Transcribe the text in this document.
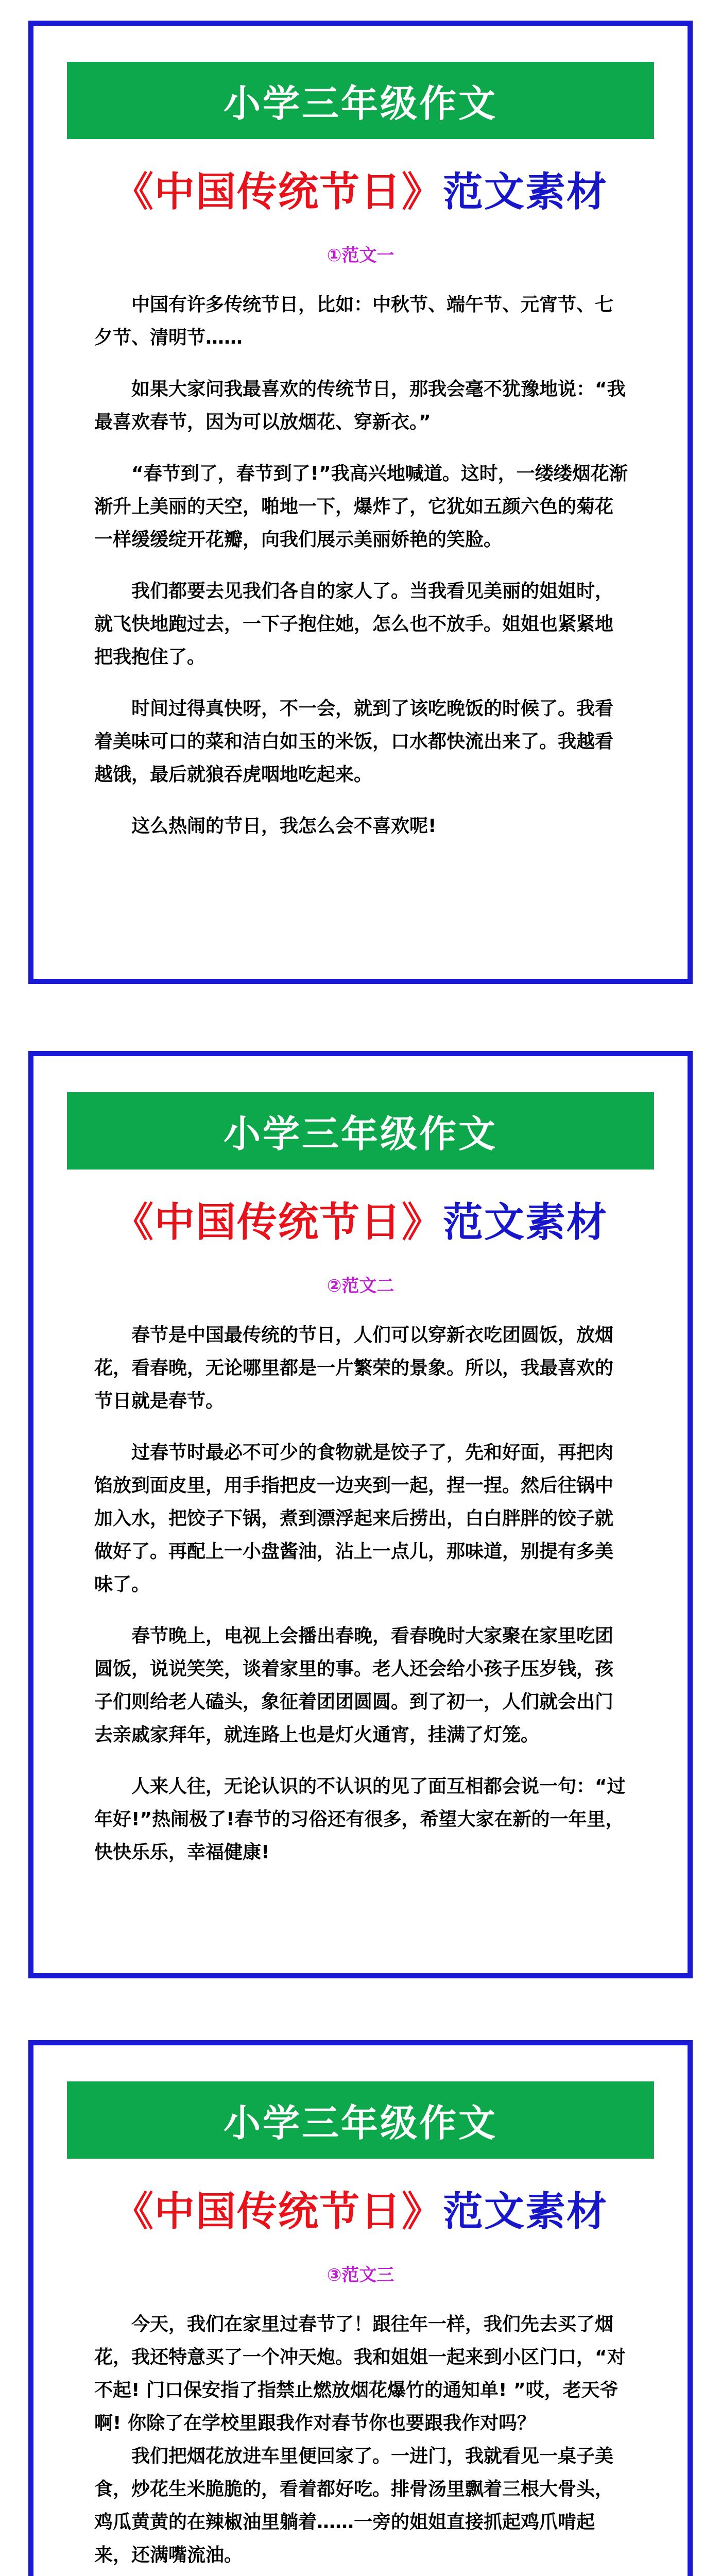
小学三年级作文
《中国传统节日》范文素材
①范文一

中国有许多传统节日，比如：中秋节、端午节、元宵节、七夕节、清明节……

如果大家问我最喜欢的传统节日，那我会毫不犹豫地说：“我最喜欢春节，因为可以放烟花、穿新衣。”

“春节到了，春节到了!”我高兴地喊道。这时，一缕缕烟花渐渐升上美丽的天空，啪地一下，爆炸了，它犹如五颜六色的菊花一样缓缓绽开花瓣，向我们展示美丽娇艳的笑脸。

我们都要去见我们各自的家人了。当我看见美丽的姐姐时，就飞快地跑过去，一下子抱住她，怎么也不放手。姐姐也紧紧地把我抱住了。

时间过得真快呀，不一会，就到了该吃晚饭的时候了。我看着美味可口的菜和洁白如玉的米饭，口水都快流出来了。我越看越饿，最后就狼吞虎咽地吃起来。

这么热闹的节日，我怎么会不喜欢呢!

小学三年级作文
《中国传统节日》范文素材
②范文二

春节是中国最传统的节日，人们可以穿新衣吃团圆饭，放烟花，看春晚，无论哪里都是一片繁荣的景象。所以，我最喜欢的节日就是春节。

过春节时最必不可少的食物就是饺子了，先和好面，再把肉馅放到面皮里，用手指把皮一边夹到一起，捏一捏。然后往锅中加入水，把饺子下锅，煮到漂浮起来后捞出，白白胖胖的饺子就做好了。再配上一小盘酱油，沾上一点儿，那味道，别提有多美味了。

春节晚上，电视上会播出春晚，看春晚时大家聚在家里吃团圆饭，说说笑笑，谈着家里的事。老人还会给小孩子压岁钱，孩子们则给老人磕头，象征着团团圆圆。到了初一，人们就会出门去亲戚家拜年，就连路上也是灯火通宵，挂满了灯笼。

人来人往，无论认识的不认识的见了面互相都会说一句：“过年好!”热闹极了!春节的习俗还有很多，希望大家在新的一年里，快快乐乐，幸福健康!

小学三年级作文
《中国传统节日》范文素材
③范文三

今天，我们在家里过春节了！跟往年一样，我们先去买了烟花，我还特意买了一个冲天炮。我和姐姐一起来到小区门口，“对不起! 门口保安指了指禁止燃放烟花爆竹的通知单! ”哎，老天爷啊! 你除了在学校里跟我作对春节你也要跟我作对吗？

我们把烟花放进车里便回家了。一进门，我就看见一桌子美食，炒花生米脆脆的，看着都好吃。排骨汤里飘着三根大骨头，鸡瓜黄黄的在辣椒油里躺着……一旁的姐姐直接抓起鸡爪啃起来，还满嘴流油。
